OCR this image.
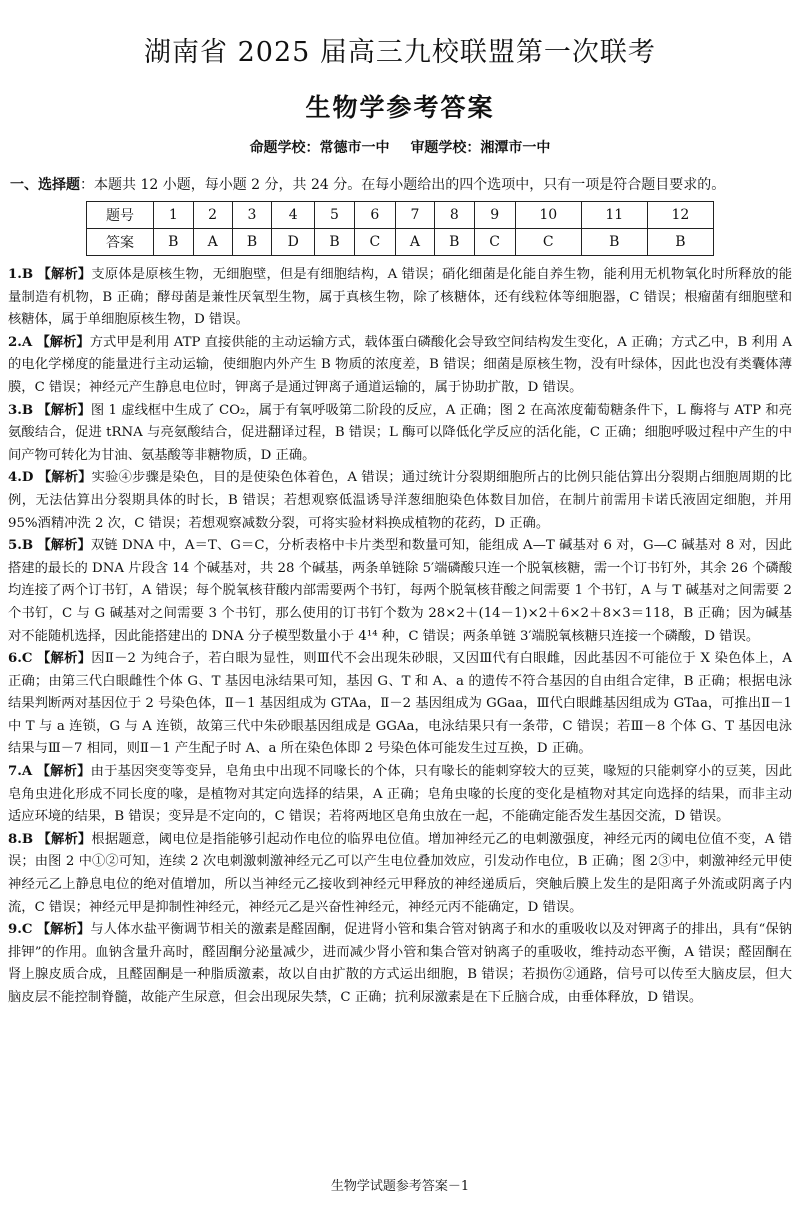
湖南省 2025 届高三九校联盟第一次联考
生物学参考答案
命题学校：常德市一中 审题学校：湘潭市一中
一、选择题：本题共 12 小题，每小题 2 分，共 24 分。在每小题给出的四个选项中，只有一项是符合题目要求的。
题号	1	2	3	4	5	6	7	8	9	10	11	12
答案	B	A	B	D	B	C	A	B	C	C	B	B

1.B 【解析】支原体是原核生物，无细胞壁，但是有细胞结构，A 错误；硝化细菌是化能自养生物，能利用无机物氧化时所释放的能量制造有机物，B 正确；酵母菌是兼性厌氧型生物，属于真核生物，除了核糖体，还有线粒体等细胞器，C 错误；根瘤菌有细胞壁和核糖体，属于单细胞原核生物，D 错误。

2.A 【解析】方式甲是利用 ATP 直接供能的主动运输方式，载体蛋白磷酸化会导致空间结构发生变化，A 正确；方式乙中，B 利用 A 的电化学梯度的能量进行主动运输，使细胞内外产生 B 物质的浓度差，B 错误；细菌是原核生物，没有叶绿体，因此也没有类囊体薄膜，C 错误；神经元产生静息电位时，钾离子是通过钾离子通道运输的，属于协助扩散，D 错误。

3.B 【解析】图 1 虚线框中生成了 CO₂，属于有氧呼吸第二阶段的反应，A 正确；图 2 在高浓度葡萄糖条件下，L 酶将与 ATP 和亮氨酸结合，促进 tRNA 与亮氨酸结合，促进翻译过程，B 错误；L 酶可以降低化学反应的活化能，C 正确；细胞呼吸过程中产生的中间产物可转化为甘油、氨基酸等非糖物质，D 正确。

4.D 【解析】实验④步骤是染色，目的是使染色体着色，A 错误；通过统计分裂期细胞所占的比例只能估算出分裂期占细胞周期的比例，无法估算出分裂期具体的时长，B 错误；若想观察低温诱导洋葱细胞染色体数目加倍，在制片前需用卡诺氏液固定细胞，并用 95%酒精冲洗 2 次，C 错误；若想观察减数分裂，可将实验材料换成植物的花药，D 正确。

5.B 【解析】双链 DNA 中，A＝T、G＝C，分析表格中卡片类型和数量可知，能组成 A—T 碱基对 6 对，G—C 碱基对 8 对，因此搭建的最长的 DNA 片段含 14 个碱基对，共 28 个碱基，两条单链除 5′端磷酸只连一个脱氧核糖，需一个订书钉外，其余 26 个磷酸均连接了两个订书钉，A 错误；每个脱氧核苷酸内部需要两个书钉，每两个脱氧核苷酸之间需要 1 个书钉，A 与 T 碱基对之间需要 2 个书钉，C 与 G 碱基对之间需要 3 个书钉，那么使用的订书钉个数为 28×2＋(14－1)×2＋6×2＋8×3＝118，B 正确；因为碱基对不能随机选择，因此能搭建出的 DNA 分子模型数量小于 4¹⁴ 种，C 错误；两条单链 3′端脱氧核糖只连接一个磷酸，D 错误。

6.C 【解析】因Ⅱ－2 为纯合子，若白眼为显性，则Ⅲ代不会出现朱砂眼，又因Ⅲ代有白眼雌，因此基因不可能位于 X 染色体上，A 正确；由第三代白眼雌性个体 G、T 基因电泳结果可知，基因 G、T 和 A、a 的遗传不符合基因的自由组合定律，B 正确；根据电泳结果判断两对基因位于 2 号染色体，Ⅱ－1 基因组成为 GTAa，Ⅱ－2 基因组成为 GGaa，Ⅲ代白眼雌基因组成为 GTaa，可推出Ⅱ－1 中 T 与 a 连锁，G 与 A 连锁，故第三代中朱砂眼基因组成是 GGAa，电泳结果只有一条带，C 错误；若Ⅲ－8 个体 G、T 基因电泳结果与Ⅲ－7 相同，则Ⅱ－1 产生配子时 A、a 所在染色体即 2 号染色体可能发生过互换，D 正确。

7.A 【解析】由于基因突变等变异，皂角虫中出现不同喙长的个体，只有喙长的能刺穿较大的豆荚，喙短的只能刺穿小的豆荚，因此皂角虫进化形成不同长度的喙，是植物对其定向选择的结果，A 正确；皂角虫喙的长度的变化是植物对其定向选择的结果，而非主动适应环境的结果，B 错误；变异是不定向的，C 错误；若将两地区皂角虫放在一起，不能确定能否发生基因交流，D 错误。

8.B 【解析】根据题意，阈电位是指能够引起动作电位的临界电位值。增加神经元乙的电刺激强度，神经元丙的阈电位值不变，A 错误；由图 2 中①②可知，连续 2 次电刺激刺激神经元乙可以产生电位叠加效应，引发动作电位，B 正确；图 2③中，刺激神经元甲使神经元乙上静息电位的绝对值增加，所以当神经元乙接收到神经元甲释放的神经递质后，突触后膜上发生的是阳离子外流或阴离子内流，C 错误；神经元甲是抑制性神经元，神经元乙是兴奋性神经元，神经元丙不能确定，D 错误。

9.C 【解析】与人体水盐平衡调节相关的激素是醛固酮，促进肾小管和集合管对钠离子和水的重吸收以及对钾离子的排出，具有“保钠排钾”的作用。血钠含量升高时，醛固酮分泌量减少，进而减少肾小管和集合管对钠离子的重吸收，维持动态平衡，A 错误；醛固酮在肾上腺皮质合成，且醛固酮是一种脂质激素，故以自由扩散的方式运出细胞，B 错误；若损伤②通路，信号可以传至大脑皮层，但大脑皮层不能控制脊髓，故能产生尿意，但会出现尿失禁，C 正确；抗利尿激素是在下丘脑合成，由垂体释放，D 错误。

生物学试题参考答案－1
